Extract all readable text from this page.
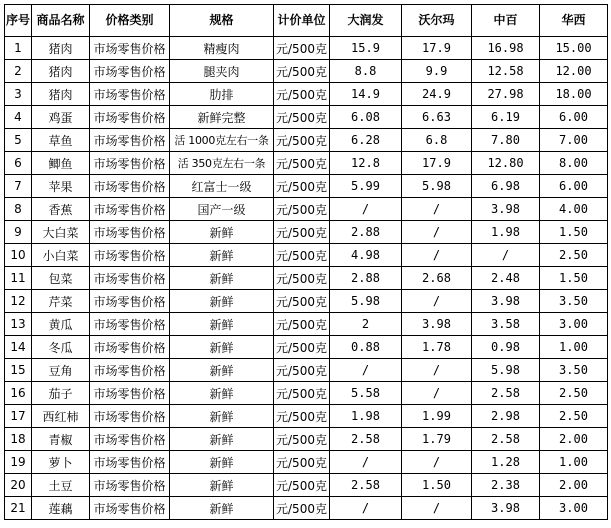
序号	商品名称	价格类别	规格	计价单位	大润发	沃尔玛	中百	华西
1	猪肉	市场零售价格	精瘦肉	元/500克	15.9	17.9	16.98	15.00
2	猪肉	市场零售价格	腿夹肉	元/500克	8.8	9.9	12.58	12.00
3	猪肉	市场零售价格	肋排	元/500克	14.9	24.9	27.98	18.00
4	鸡蛋	市场零售价格	新鲜完整	元/500克	6.08	6.63	6.19	6.00
5	草鱼	市场零售价格	活 1000克左右一条	元/500克	6.28	6.8	7.80	7.00
6	鲫鱼	市场零售价格	活 350克左右一条	元/500克	12.8	17.9	12.80	8.00
7	苹果	市场零售价格	红富士一级	元/500克	5.99	5.98	6.98	6.00
8	香蕉	市场零售价格	国产一级	元/500克	/	/	3.98	4.00
9	大白菜	市场零售价格	新鲜	元/500克	2.88	/	1.98	1.50
10	小白菜	市场零售价格	新鲜	元/500克	4.98	/	/	2.50
11	包菜	市场零售价格	新鲜	元/500克	2.88	2.68	2.48	1.50
12	芹菜	市场零售价格	新鲜	元/500克	5.98	/	3.98	3.50
13	黄瓜	市场零售价格	新鲜	元/500克	2	3.98	3.58	3.00
14	冬瓜	市场零售价格	新鲜	元/500克	0.88	1.78	0.98	1.00
15	豆角	市场零售价格	新鲜	元/500克	/	/	5.98	3.50
16	茄子	市场零售价格	新鲜	元/500克	5.58	/	2.58	2.50
17	西红柿	市场零售价格	新鲜	元/500克	1.98	1.99	2.98	2.50
18	青椒	市场零售价格	新鲜	元/500克	2.58	1.79	2.58	2.00
19	萝卜	市场零售价格	新鲜	元/500克	/	/	1.28	1.00
20	土豆	市场零售价格	新鲜	元/500克	2.58	1.50	2.38	2.00
21	莲藕	市场零售价格	新鲜	元/500克	/	/	3.98	3.00
